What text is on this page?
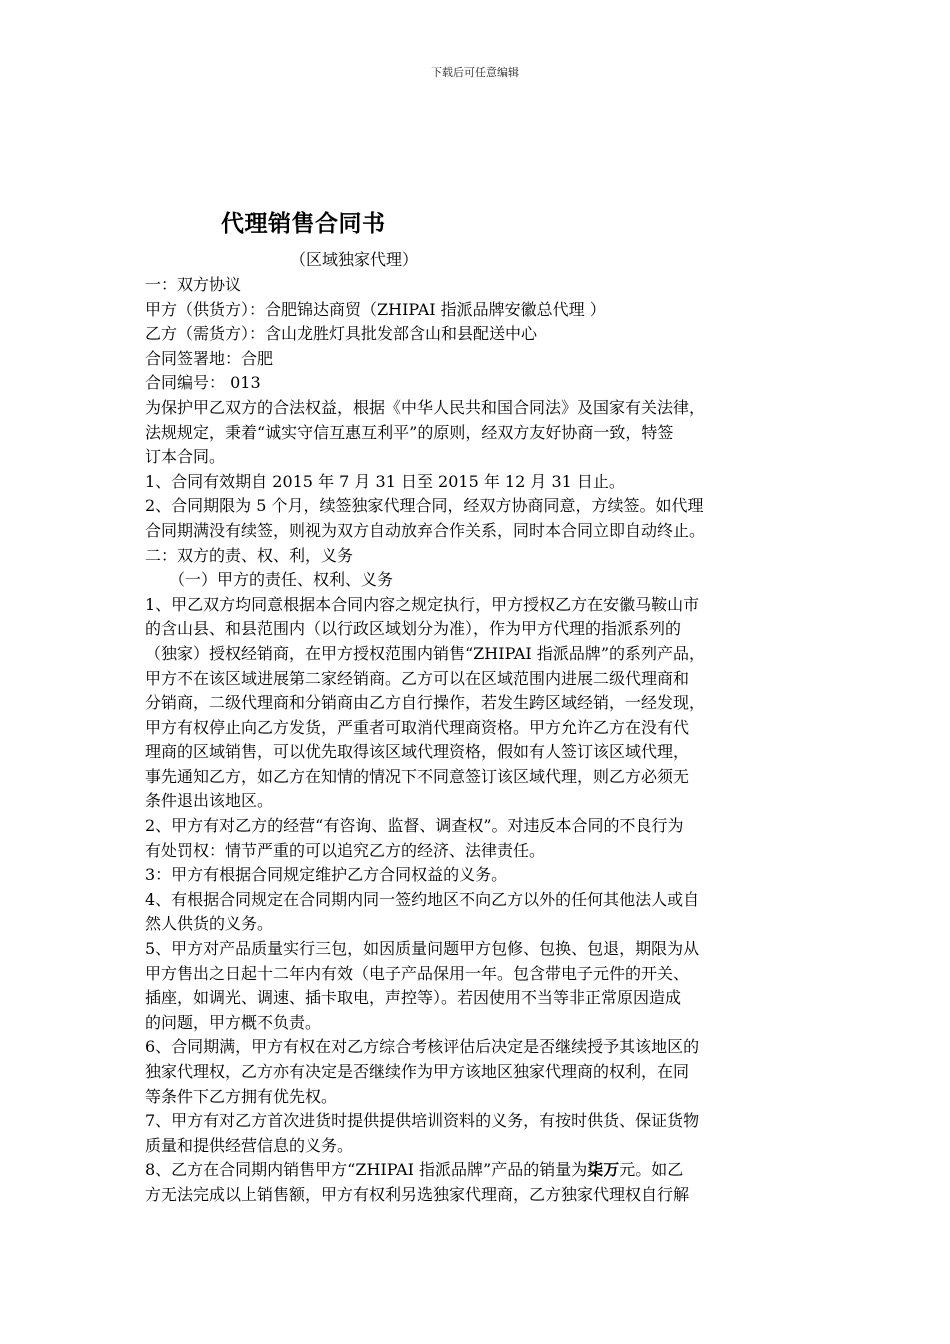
下载后可任意编辑
代理销售合同书
（区域独家代理）
一：双方协议
甲方（供货方）：合肥锦达商贸（ZHIPAI 指派品牌安徽总代理 ）
乙方（需货方）：含山龙胜灯具批发部含山和县配送中心
合同签署地：合肥
合同编号： 013
为保护甲乙双方的合法权益，根据《中华人民共和国合同法》及国家有关法律，
法规规定，秉着“诚实守信互惠互利平”的原则，经双方友好协商一致，特签
订本合同。
1、合同有效期自 2015 年 7 月 31 日至 2015 年 12 月 31 日止。
2、合同期限为 5 个月，续签独家代理合同，经双方协商同意，方续签。如代理
合同期满没有续签，则视为双方自动放弃合作关系，同时本合同立即自动终止。
二：双方的责、权、利，义务
（一）甲方的责任、权利、义务
1、甲乙双方均同意根据本合同内容之规定执行，甲方授权乙方在安徽马鞍山市
的含山县、和县范围内（以行政区域划分为准），作为甲方代理的指派系列的
（独家）授权经销商，在甲方授权范围内销售“ZHIPAI 指派品牌”的系列产品，
甲方不在该区域进展第二家经销商。乙方可以在区域范围内进展二级代理商和
分销商，二级代理商和分销商由乙方自行操作，若发生跨区域经销，一经发现，
甲方有权停止向乙方发货，严重者可取消代理商资格。甲方允许乙方在没有代
理商的区域销售，可以优先取得该区域代理资格，假如有人签订该区域代理，
事先通知乙方，如乙方在知情的情况下不同意签订该区域代理，则乙方必须无
条件退出该地区。
2、甲方有对乙方的经营“有咨询、监督、调查权”。对违反本合同的不良行为
有处罚权：情节严重的可以追究乙方的经济、法律责任。
3：甲方有根据合同规定维护乙方合同权益的义务。
4、有根据合同规定在合同期内同一签约地区不向乙方以外的任何其他法人或自
然人供货的义务。
5、甲方对产品质量实行三包，如因质量问题甲方包修、包换、包退，期限为从
甲方售出之日起十二年内有效（电子产品保用一年。包含带电子元件的开关、
插座，如调光、调速、插卡取电，声控等）。若因使用不当等非正常原因造成
的问题，甲方概不负责。
6、合同期满，甲方有权在对乙方综合考核评估后决定是否继续授予其该地区的
独家代理权，乙方亦有决定是否继续作为甲方该地区独家代理商的权利，在同
等条件下乙方拥有优先权。
7、甲方有对乙方首次进货时提供提供培训资料的义务，有按时供货、保证货物
质量和提供经营信息的义务。
8、乙方在合同期内销售甲方“ZHIPAI 指派品牌”产品的销量为柒万元。如乙
方无法完成以上销售额，甲方有权利另选独家代理商，乙方独家代理权自行解
